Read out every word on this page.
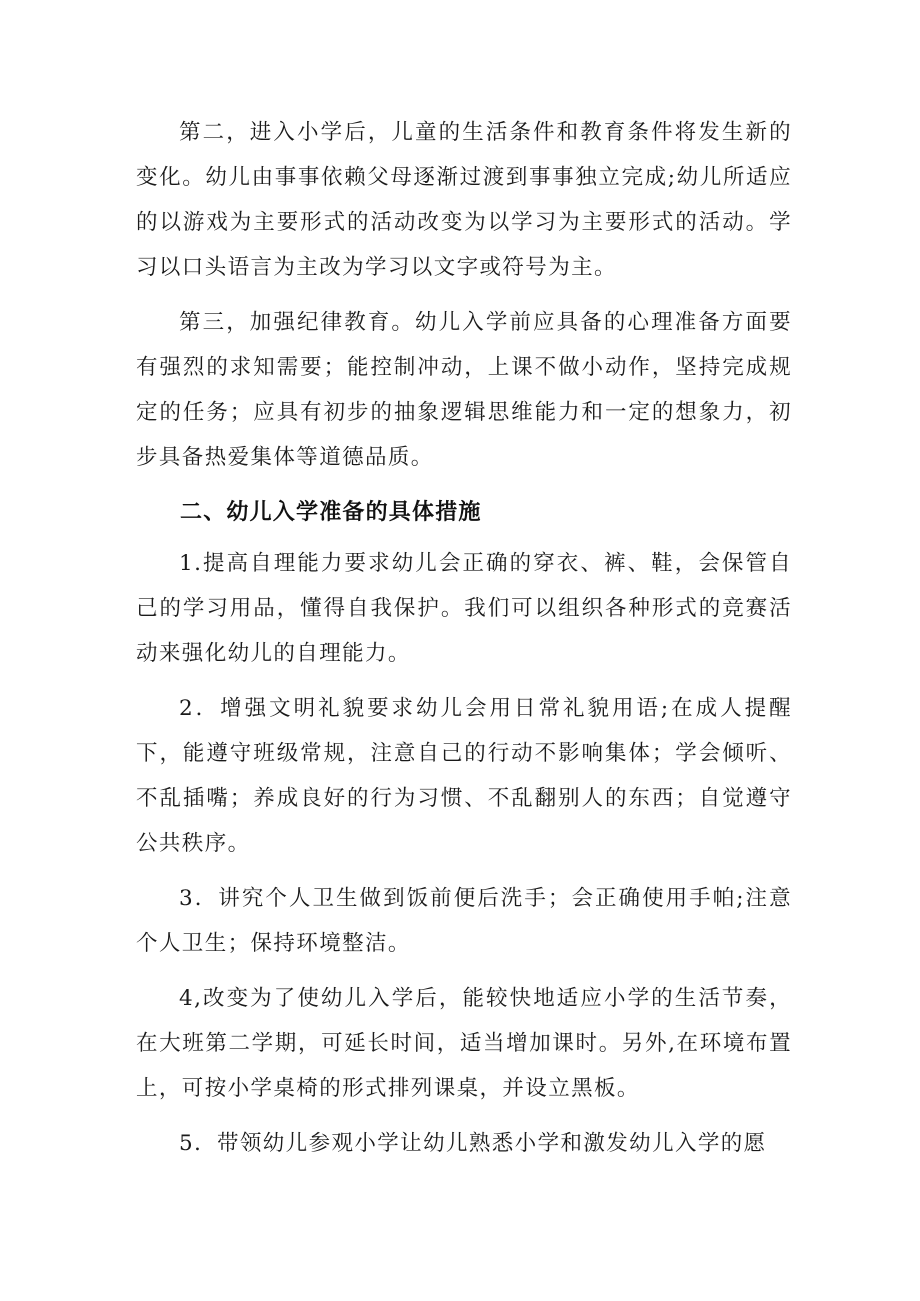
第二，进入小学后，儿童的生活条件和教育条件将发生新的变化。幼儿由事事依赖父母逐渐过渡到事事独立完成;幼儿所适应的以游戏为主要形式的活动改变为以学习为主要形式的活动。学习以口头语言为主改为学习以文字或符号为主。

第三，加强纪律教育。幼儿入学前应具备的心理准备方面要有强烈的求知需要；能控制冲动，上课不做小动作，坚持完成规定的任务；应具有初步的抽象逻辑思维能力和一定的想象力，初步具备热爱集体等道德品质。

二、幼儿入学准备的具体措施

1.提高自理能力要求幼儿会正确的穿衣、裤、鞋，会保管自己的学习用品，懂得自我保护。我们可以组织各种形式的竞赛活动来强化幼儿的自理能力。

2．增强文明礼貌要求幼儿会用日常礼貌用语;在成人提醒下，能遵守班级常规，注意自己的行动不影响集体；学会倾听、不乱插嘴；养成良好的行为习惯、不乱翻别人的东西；自觉遵守公共秩序。

3．讲究个人卫生做到饭前便后洗手；会正确使用手帕;注意个人卫生；保持环境整洁。

4,改变为了使幼儿入学后，能较快地适应小学的生活节奏，在大班第二学期，可延长时间，适当增加课时。另外,在环境布置上，可按小学桌椅的形式排列课桌，并设立黑板。

5．带领幼儿参观小学让幼儿熟悉小学和激发幼儿入学的愿
